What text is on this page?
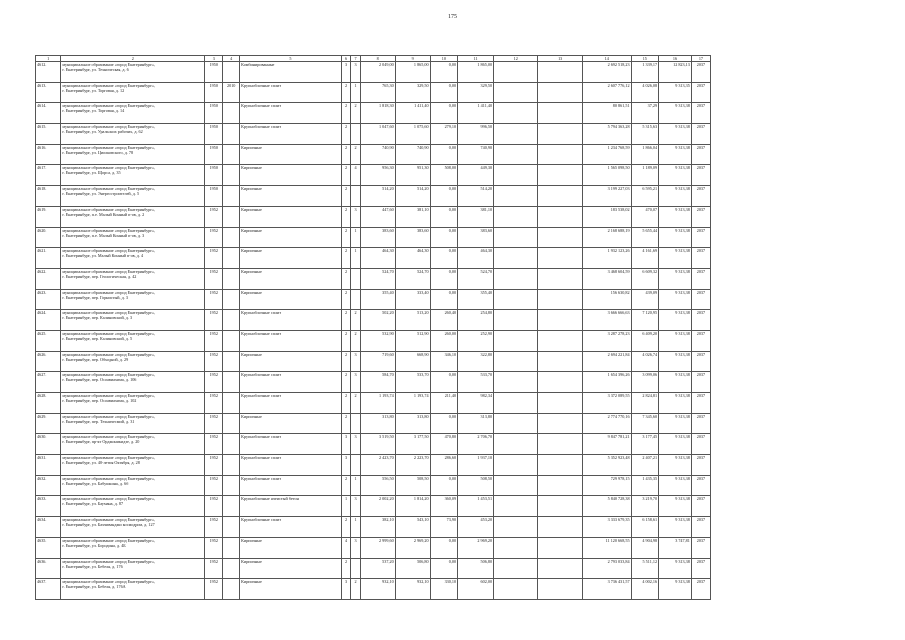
175
1	2	3	4	5	6	7	8	9	10	11	12	13	14	15	16	17
4612.	муниципальное образование «город Екатеринбург»,
г. Екатеринбург, ул. Техническая, д. 6	1950		Комбинированные	3	3	2 049,00	1 865,00	0,00	1 865,00			2 692 518,23	1 339,17	12 823,13	2037
4613.	муниципальное образование «город Екатеринбург»,
г. Екатеринбург, ул. Торговая, д. 12	1950	2010	Крупноблочные сплит	2	1	765,30	329,50	0,00	329,50			2 607 776,12	4 026,08	9 313,35	2037
4614.	муниципальное образование «город Екатеринбург»,
г. Екатеринбург, ул. Торговая, д. 14	1950		Крупноблочные сплит	2	2	1 818,30	1 411,40	0,00	1 411,40			80 861,51	37,29	9 313,38	2037
4615.	муниципальное образование «город Екатеринбург»,
г. Екатеринбург, ул. Уральских рабочих, д. 62	1950		Крупноблочные сплит	2		1 047,60	1 075,60	279,10	996,50			5 794 363,28	5 315,63	9 313,38	2037
4616.	муниципальное образование «город Екатеринбург»,
г. Екатеринбург, ул. Циолковского, д. 78	1950		Кирпичные	2	2	740,90	740,90	0,00	740,90			1 234 768,59	1 866,04	9 313,38	2037
4617.	муниципальное образование «город Екатеринбург»,
г. Екатеринбург, ул. Щорса, д. 35	1950		Кирпичные	2	4	956,30	951,30	508,00	449,30			1 565 098,50	1 189,09	9 313,38	2037
4618.	муниципальное образование «город Екатеринбург»,
г. Екатеринбург, ул. Энергостроителей, д. 5	1950		Кирпичные	2		514,20	514,20	0,00	514,20			3 199 227,03	6 595,21	9 313,38	2037
4619.	муниципальное образование «город Екатеринбург»,
г. Екатеринбург, п.е. Малый Конный п-ов, д. 2	1952		Кирпичные	2	3	447,60	381,10	0,00	381,10			183 538,02	470,07	9 313,38	2037
4620.	муниципальное образование «город Екатеринбург»,
г. Екатеринбург, п.е. Малый Конный п-ов, д. 3	1952		Кирпичные	2	1	383,60	383,60	0,00	383,60			2 168 688,19	5 655,44	9 313,38	2037
4621.	муниципальное образование «город Екатеринбург»,
г. Екатеринбург, ул. Малый Конный п-ов, д. 4	1952		Кирпичные	2	1	464,30	464,30	0,00	464,30			1 932 123,26	4 161,69	9 313,38	2037
4622.	муниципальное образование «город Екатеринбург»,
г. Екатеринбург, пер. Геологическая, д. 42	1952		Кирпичные	2		524,70	524,70	0,00	524,70			3 468 604,59	6 609,32	9 313,38	2037
4623.	муниципальное образование «город Екатеринбург»,
г. Екатеринбург, пер. Горнистый, д. 3	1952		Кирпичные	2		355,40	333,40	0,00	355,40			156 630,82	439,09	9 313,38	2037
4624.	муниципальное образование «город Екатеринбург»,
г. Екатеринбург, пер. Калиновский, д. 3	1952		Крупноблочные сплит	2	2	502,20	513,20	260,40	254,80			3 666 666,63	7 120,95	9 313,38	2037
4625.	муниципальное образование «город Екатеринбург»,
г. Екатеринбург, пер. Калиновский, д. 5	1952		Крупноблочные сплит	2	2	532,90	512,90	260,00	252,90			3 287 278,23	6 409,20	9 313,38	2037
4626.	муниципальное образование «город Екатеринбург»,
г. Екатеринбург, пер. Обходной, д. 29	1952		Кирпичные	2	3	719,60	668,90	346,10	322,80			2 694 221,84	4 026,74	9 313,38	2037
4627.	муниципальное образование «город Екатеринбург»,
г. Екатеринбург, пер. Осоавиахима, д. 106	1952		Крупноблочные сплит	2	3	584,70	533,70	0,00	533,70			1 654 396,26	3 099,06	9 313,38	2037
4628.	муниципальное образование «город Екатеринбург»,
г. Екатеринбург, пер. Осоавиахима, д. 102	1952		Крупноблочные сплит	2	2	1 193,74	1 193,74	211,40	982,34			3 372 089,55	2 824,81	9 313,38	2037
4629.	муниципальное образование «город Екатеринбург»,
г. Екатеринбург, пер. Техничесмий, д. 31	1952		Кирпичные	2		313,80	313,80	0,00	313,80			2 774 770,16	7 345,60	9 313,38	2037
4630.	муниципальное образование «город Екатеринбург»,
г. Екатеринбург, пр-кт Орджоникидзе, д. 20	1952		Крупноблочные сплит	3	3	3 519,50	3 177,50	470,80	2 706,70			9 847 781,21	3 177,45	9 313,38	2037
4631.	муниципальное образование «город Екатеринбург»,
г. Екатеринбург, ул. 40-летия Октября, д. 28	1952		Крупноблочные сплит	3		2 423,70	2 223,70	286,60	1 937,10			5 352 923,48	2 407,21	9 313,38	2037
4632.	муниципальное образование «город Екатеринбург»,
г. Екатеринбург, ул. Бабушкина, д. 6б	1952		Крупноблочные сплит	2	1	556,50	508,50	0,00	508,50			729 978,15	1 435,35	9 313,38	2037
4633.	муниципальное образование «город Екатеринбург»,
г. Екатеринбург, ул. Баумана, д. 87	1952		Крупноблочные ячеистый бетон	1	3	2 002,20	1 814,20	360,09	1 453,51			5 840 728,38	3 219,70	9 313,38	2037
4634.	муниципальное образование «город Екатеринбург»,
г. Екатеринбург, ул. Бахчиванджи космодром, д. 127	1952		Крупноблочные сплит	2	1	382,10	543,10	73,90	453,20			3 333 679,35	6 158,61	9 313,38	2037
4635.	муниципальное образование «город Екатеринбург»,
г. Екатеринбург, ул. Бородина, д. 4Б	1952		Кирпичные	4	3	2 999,60	2 969,20	0,00	2 969,20			11 120 668,55	4 904,98	3 747,81	2037
4636.	муниципальное образование «город Екатеринбург»,
г. Екатеринбург, ул. Бебеля, д. 176	1952		Кирпичные	2		537,20	506,80	0,00	506,80			2 793 033,84	5 511,12	9 313,38	2037
4637.	муниципальное образование «город Екатеринбург»,
г. Екатеринбург, ул. Бебеля, д. 176А	1952		Кирпичные	3	2	932,10	932,10	330,10	602,00			3 736 431,57	4 002,16	9 313,38	2037
